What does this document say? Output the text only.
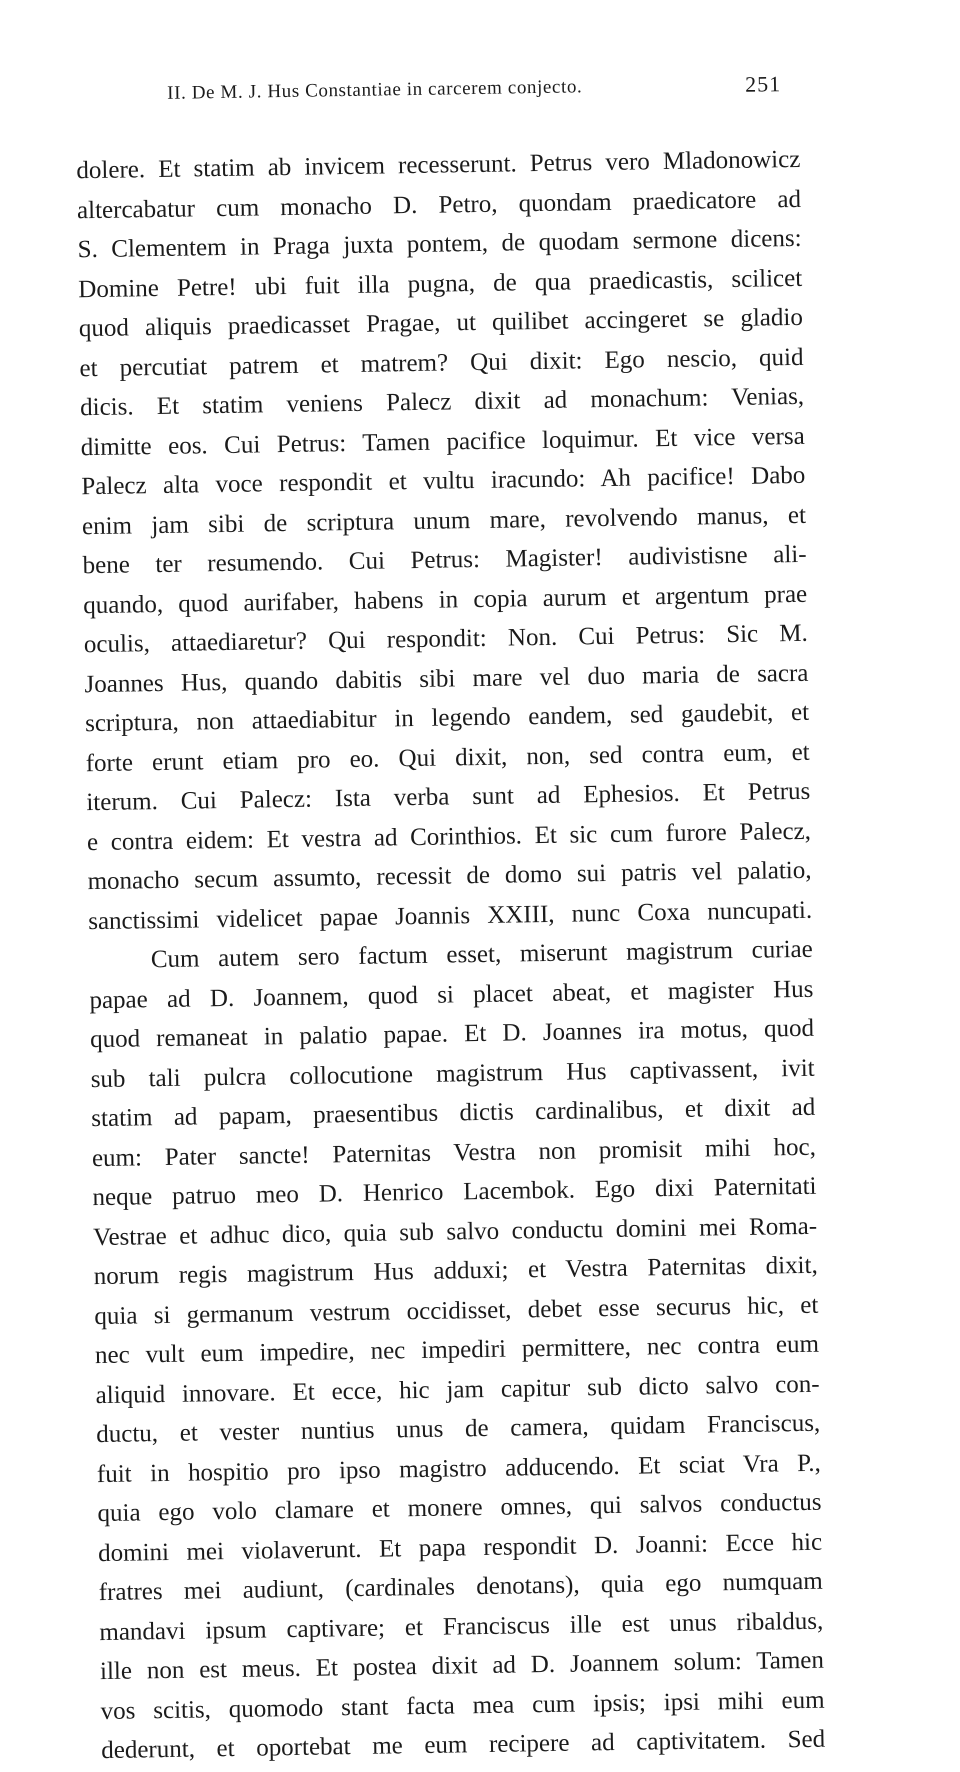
II. De M. J. Hus Constantiae in carcerem conjecto.	251
dolere. Et statim ab invicem recesserunt. Petrus vero Mladonowicz
altercabatur cum monacho D. Petro, quondam praedicatore ad
S. Clementem in Praga juxta pontem, de quodam sermone dicens:
Domine Petre! ubi fuit illa pugna, de qua praedicastis, scilicet
quod aliquis praedicasset Pragae, ut quilibet accingeret se gladio
et percutiat patrem et matrem? Qui dixit: Ego nescio, quid
dicis. Et statim veniens Palecz dixit ad monachum: Venias,
dimitte eos. Cui Petrus: Tamen pacifice loquimur. Et vice versa
Palecz alta voce respondit et vultu iracundo: Ah pacifice! Dabo
enim jam sibi de scriptura unum mare, revolvendo manus, et
bene ter resumendo. Cui Petrus: Magister! audivistisne ali-
quando, quod aurifaber, habens in copia aurum et argentum prae
oculis, attaediaretur? Qui respondit: Non. Cui Petrus: Sic M.
Joannes Hus, quando dabitis sibi mare vel duo maria de sacra
scriptura, non attaediabitur in legendo eandem, sed gaudebit, et
forte erunt etiam pro eo. Qui dixit, non, sed contra eum, et
iterum. Cui Palecz: Ista verba sunt ad Ephesios. Et Petrus
e contra eidem: Et vestra ad Corinthios. Et sic cum furore Palecz,
monacho secum assumto, recessit de domo sui patris vel palatio,
sanctissimi videlicet papae Joannis XXIII, nunc Coxa nuncupati.
Cum autem sero factum esset, miserunt magistrum curiae
papae ad D. Joannem, quod si placet abeat, et magister Hus
quod remaneat in palatio papae. Et D. Joannes ira motus, quod
sub tali pulcra collocutione magistrum Hus captivassent, ivit
statim ad papam, praesentibus dictis cardinalibus, et dixit ad
eum: Pater sancte! Paternitas Vestra non promisit mihi hoc,
neque patruo meo D. Henrico Lacembok. Ego dixi Paternitati
Vestrae et adhuc dico, quia sub salvo conductu domini mei Roma-
norum regis magistrum Hus adduxi; et Vestra Paternitas dixit,
quia si germanum vestrum occidisset, debet esse securus hic, et
nec vult eum impedire, nec impediri permittere, nec contra eum
aliquid innovare. Et ecce, hic jam capitur sub dicto salvo con-
ductu, et vester nuntius unus de camera, quidam Franciscus,
fuit in hospitio pro ipso magistro adducendo. Et sciat Vra P.,
quia ego volo clamare et monere omnes, qui salvos conductus
domini mei violaverunt. Et papa respondit D. Joanni: Ecce hic
fratres mei audiunt, (cardinales denotans), quia ego numquam
mandavi ipsum captivare; et Franciscus ille est unus ribaldus,
ille non est meus. Et postea dixit ad D. Joannem solum: Tamen
vos scitis, quomodo stant facta mea cum ipsis; ipsi mihi eum
dederunt, et oportebat me eum recipere ad captivitatem. Sed
